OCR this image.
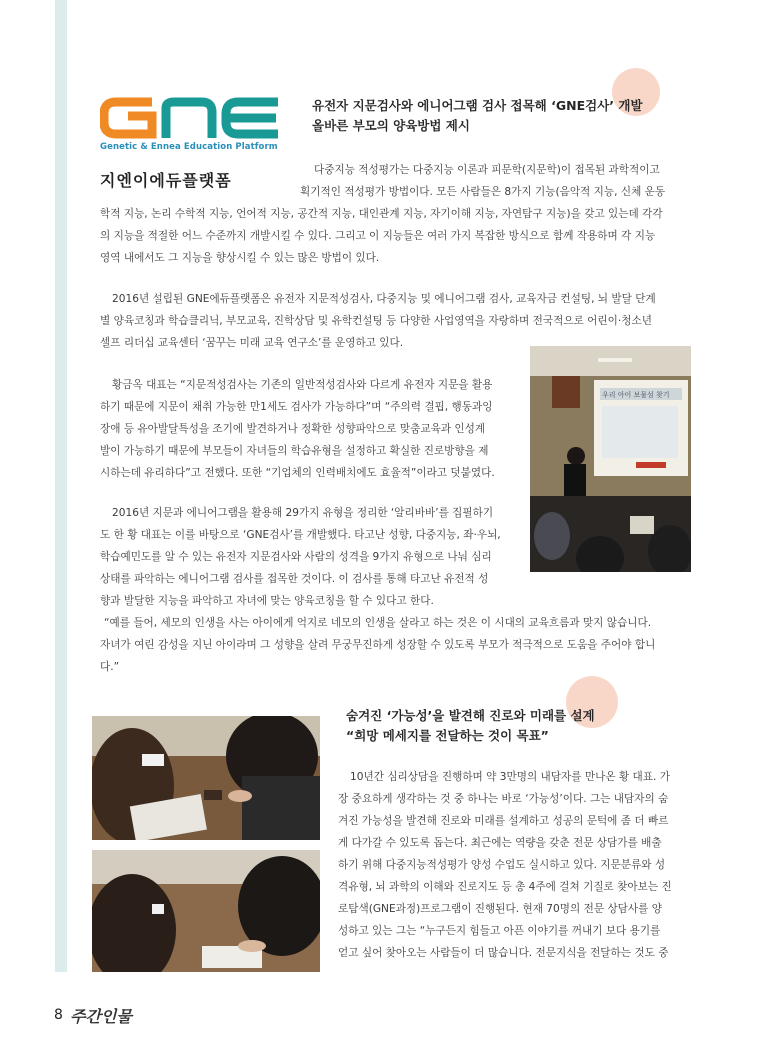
Genetic & Ennea Education Platform
지엔이에듀플랫폼
유전자 지문검사와 에니어그램 검사 접목해 ‘GNE검사’ 개발
올바른 부모의 양육방법 제시

다중지능 적성평가는 다중지능 이론과 피문학(지문학)이 접목된 과학적이고

획기적인 적성평가 방법이다. 모든 사람들은 8가지 기능(음악적 지능, 신체 운동

학적 지능, 논리 수학적 지능, 언어적 지능, 공간적 지능, 대인관계 지능, 자기이해 지능, 자연탐구 지능)을 갖고 있는데 각각

의 지능을 적절한 어느 수준까지 개발시킬 수 있다. 그리고 이 지능들은 여러 가지 복잡한 방식으로 함께 작용하며 각 지능

영역 내에서도 그 지능을 향상시킬 수 있는 많은 방법이 있다.

2016년 설립된 GNE에듀플랫폼은 유전자 지문적성검사, 다중지능 및 에니어그램 검사, 교육자금 컨설팅, 뇌 발달 단계

별 양육코칭과 학습클리닉, 부모교육, 진학상담 및 유학컨설팅 등 다양한 사업영역을 자랑하며 전국적으로 어린이·청소년

셀프 리더십 교육센터 ‘꿈꾸는 미래 교육 연구소’를 운영하고 있다.

황금옥 대표는 “지문적성검사는 기존의 일반적성검사와 다르게 유전자 지문을 활용

하기 때문에 지문이 채취 가능한 만1세도 검사가 가능하다”며 “주의력 결핍, 행동과잉

장애 등 유아발달특성을 조기에 발견하거나 정확한 성향파악으로 맞춤교육과 인성계

발이 가능하기 때문에 부모들이 자녀들의 학습유형을 설정하고 확실한 진로방향을 제

시하는데 유리하다”고 전했다. 또한 “기업체의 인력배치에도 효율적”이라고 덧붙였다.

우리 아이 보물섬 찾기

2016년 지문과 에니어그램을 활용해 29가지 유형을 정리한 ‘알리바바’를 집필하기

도 한 황 대표는 이를 바탕으로 ‘GNE검사’를 개발했다. 타고난 성향, 다중지능, 좌·우뇌,

학습예민도를 알 수 있는 유전자 지문검사와 사람의 성격을 9가지 유형으로 나눠 심리

상태를 파악하는 에니어그램 검사를 접목한 것이다. 이 검사를 통해 타고난 유전적 성

향과 발달한 지능을 파악하고 자녀에 맞는 양육코칭을 할 수 있다고 한다.

“예를 들어, 세모의 인생을 사는 아이에게 억지로 네모의 인생을 살라고 하는 것은 이 시대의 교육흐름과 맞지 않습니다.

자녀가 여린 감성을 지닌 아이라며 그 성향을 살려 무궁무진하게 성장할 수 있도록 부모가 적극적으로 도움을 주어야 합니

다.”

숨겨진 ‘가능성’을 발견해 진로와 미래를 설계
“희망 메세지를 전달하는 것이 목표”

10년간 심리상담을 진행하며 약 3만명의 내담자를 만나온 황 대표. 가

장 중요하게 생각하는 것 중 하나는 바로 ‘가능성’이다. 그는 내담자의 숨

겨진 가능성을 발견해 진로와 미래를 설계하고 성공의 문턱에 좀 더 빠르

게 다가갈 수 있도록 돕는다. 최근에는 역량을 갖춘 전문 상담가를 배출

하기 위해 다중지능적성평가 양성 수업도 실시하고 있다. 지문분류와 성

격유형, 뇌 과학의 이해와 진로지도 등 총 4주에 걸쳐 기질로 찾아보는 진

로탐색(GNE과정)프로그램이 진행된다. 현재 70명의 전문 상담사를 양

성하고 있는 그는 “누구든지 힘들고 아픈 이야기를 꺼내기 보다 용기를

얻고 싶어 찾아오는 사람들이 더 많습니다. 전문지식을 전달하는 것도 중

8 주간인물
